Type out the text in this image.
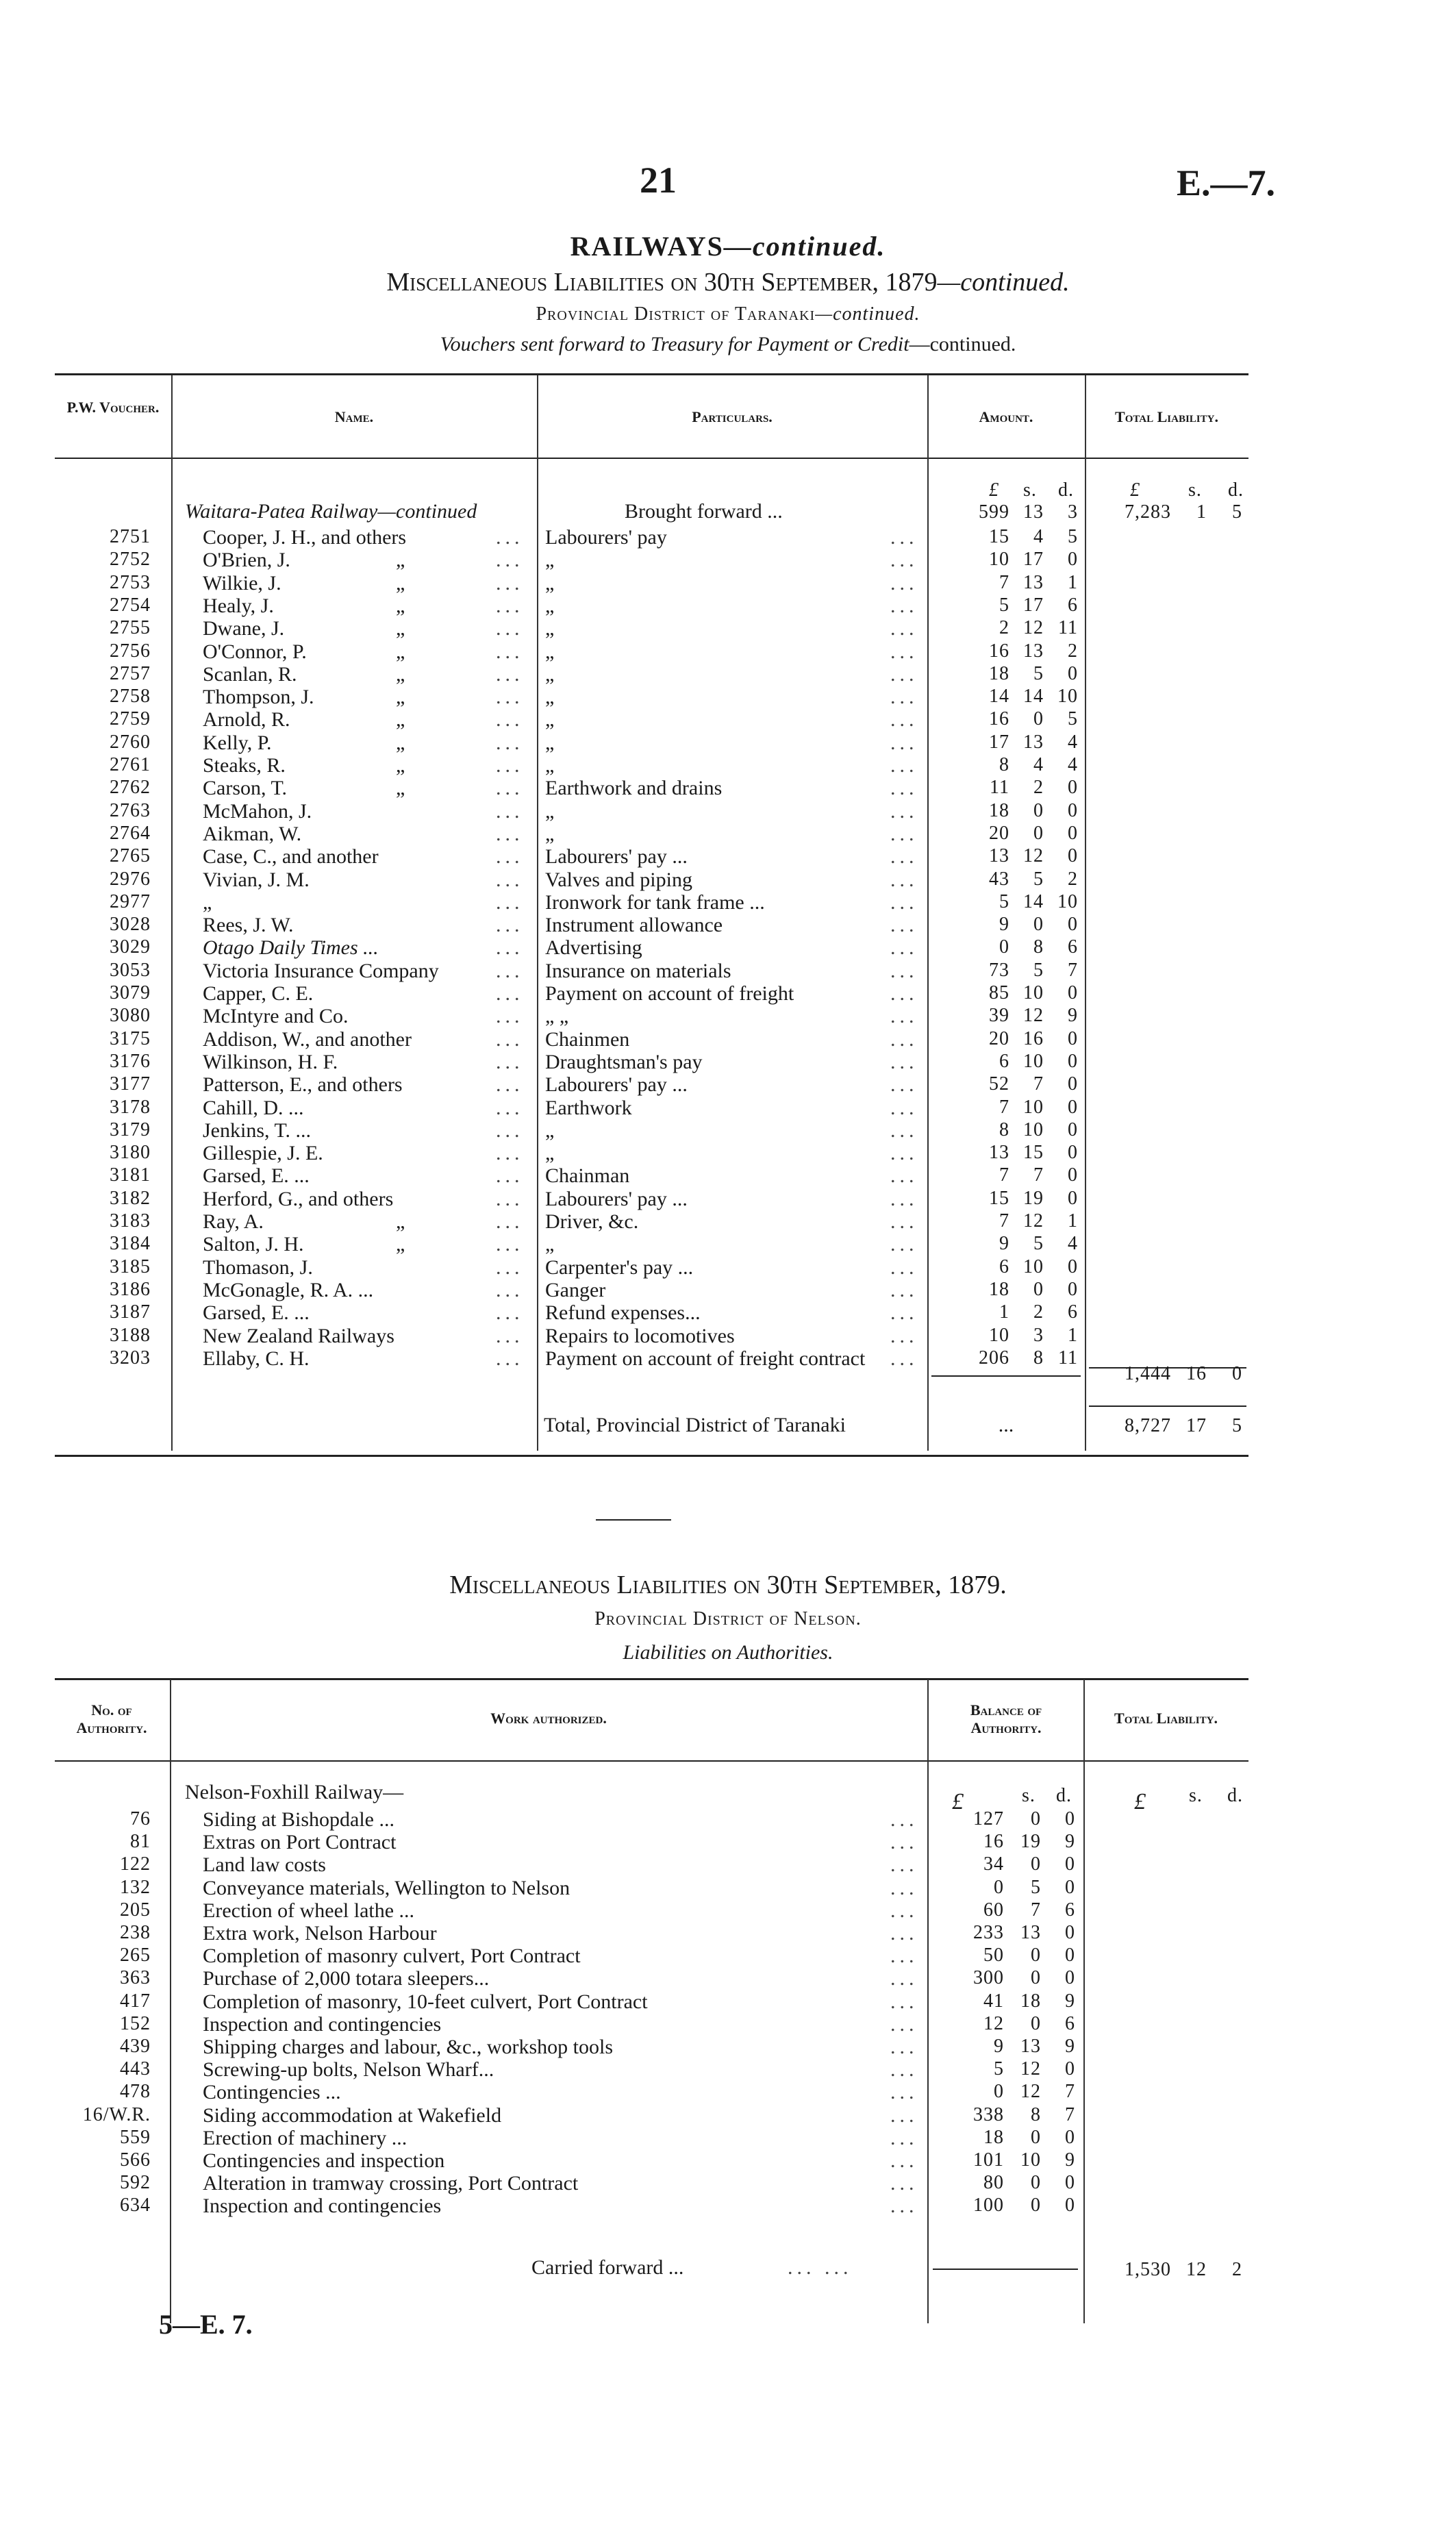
21	E.—7.
RAILWAYS—continued.
Miscellaneous Liabilities on 30th September, 1879—continued.
Provincial District of Taranaki—continued.
Vouchers sent forward to Treasury for Payment or Credit—continued.
P.W. Voucher.
Name.	Particulars.	Amount.	Total Liability.
£ s. d.	£	s. d.
Waitara-Patea Railway—continued	Brought forward ...	599 13	3	7,283	1	5
2751	Cooper, J. H., and others	... Labourers' pay	...	15	4	5
2752	O'Brien, J.	„	... „	...	10 17	0
2753	Wilkie, J.	„	... „	...	7 13	1
2754	Healy, J.	„	... „	...	5 17	6
2755	Dwane, J.	„	... „	...	2 12 11
2756	O'Connor, P.	„	... „	...	16 13	2
2757	Scanlan, R.	„	... „	...	18	5	0
2758	Thompson, J.	„	... „	...	14 14 10
2759	Arnold, R.	„	... „	...	16	0	5
2760	Kelly, P.	„	... „	...	17 13	4
2761	Steaks, R.	„	... „	...	8	4	4
2762	Carson, T.	„	... Earthwork and drains	...	11	2	0
2763	McMahon, J.	... „	...	18	0	0
2764	Aikman, W.	... „	...	20	0	0
2765	Case, C., and another	... Labourers' pay ...	...	13 12	0
2976	Vivian, J. M.	... Valves and piping	...	43	5	2
2977	„	... Ironwork for tank frame ...	...	5 14 10
3028	Rees, J. W.	... Instrument allowance	...	9	0	0
3029	Otago Daily Times ...	... Advertising	...	0	8	6
3053	Victoria Insurance Company	... Insurance on materials	...	73	5	7
3079	Capper, C. E.	... Payment on account of freight	...	85 10	0
3080	McIntyre and Co.	... „ „	...	39 12	9
3175	Addison, W., and another	... Chainmen	...	20 16	0
3176	Wilkinson, H. F.	... Draughtsman's pay	...	6 10	0
3177	Patterson, E., and others	... Labourers' pay ...	...	52	7	0
3178	Cahill, D. ...	... Earthwork	...	7 10	0
3179	Jenkins, T. ...	... „	...	8 10	0
3180	Gillespie, J. E.	... „	...	13 15	0
3181	Garsed, E. ...	... Chainman	...	7	7	0
3182	Herford, G., and others	... Labourers' pay ...	...	15 19	0
3183	Ray, A.	„	... Driver, &c.	...	7 12	1
3184	Salton, J. H.	„	... „	...	9	5	4
3185	Thomason, J.	... Carpenter's pay ...	...	6 10	0
3186	McGonagle, R. A. ...	... Ganger	...	18	0	0
3187	Garsed, E. ...	... Refund expenses...	...	1	2	6
3188	New Zealand Railways	... Repairs to locomotives	...	10	3	1
3203	Ellaby, C. H.	... Payment on account of freight contract ...	206	8 11
1,444 16	0
Total, Provincial District of Taranaki	...	8,727 17	5
Miscellaneous Liabilities on 30th September, 1879.
Provincial District of Nelson.
Liabilities on Authorities.
No. of Authority.
Work authorized.	Balance of Authority.
Total Liability.
Nelson-Foxhill Railway—	£	s. d.	£ s. d.
76	Siding at Bishopdale ...	...	127	0	0
81	Extras on Port Contract	...	16 19	9
122	Land law costs	...	34	0	0
132	Conveyance materials, Wellington to Nelson	...	0	5	0
205	Erection of wheel lathe ...	...	60	7	6
238	Extra work, Nelson Harbour	...	233 13	0
265	Completion of masonry culvert, Port Contract	...	50	0	0
363	Purchase of 2,000 totara sleepers...	...	300	0	0
417	Completion of masonry, 10-feet culvert, Port Contract	...	41 18	9
152	Inspection and contingencies	...	12	0	6
439	Shipping charges and labour, &c., workshop tools	...	9 13	9
443	Screwing-up bolts, Nelson Wharf...	...	5 12	0
478	Contingencies ...	...	0 12	7
16/W.R.	Siding accommodation at Wakefield	...	338	8	7
559	Erection of machinery ...	...	18	0	0
566	Contingencies and inspection	...	101 10	9
592	Alteration in tramway crossing, Port Contract	...	80	0	0
634	Inspection and contingencies	...	100	0	0
Carried forward ...	... ...	1,530 12	2
5—E. 7.
